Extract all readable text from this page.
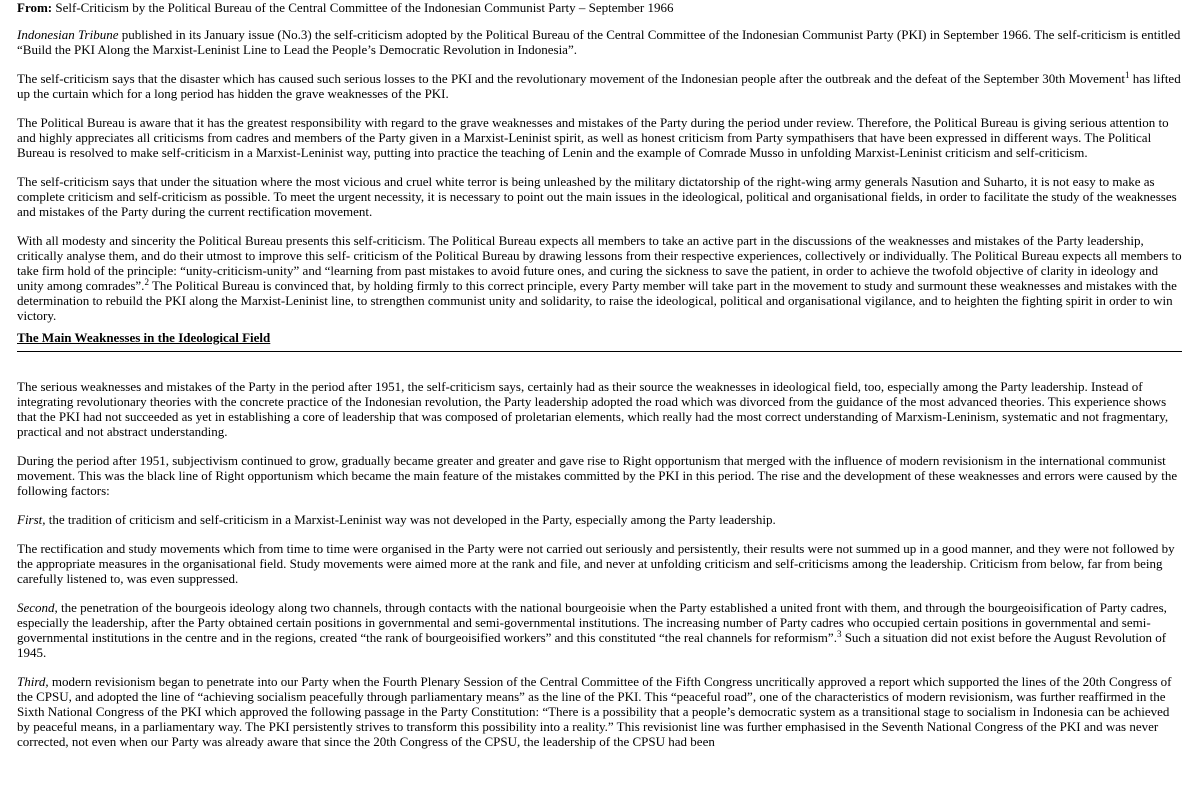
From: Self-Criticism by the Political Bureau of the Central Committee of the Indonesian Communist Party – September 1966

Indonesian Tribune published in its January issue (No.3) the self-criticism adopted by the Political Bureau of the Central Committee of the Indonesian Communist Party (PKI) in September 1966. The self-criticism is entitled “Build the PKI Along the Marxist-Leninist Line to Lead the People’s Democratic Revolution in Indonesia”.

The self-criticism says that the disaster which has caused such serious losses to the PKI and the revolutionary movement of the Indonesian people after the outbreak and the defeat of the September 30th Movement$^1$ has lifted up the curtain which for a long period has hidden the grave weaknesses of the PKI.

The Political Bureau is aware that it has the greatest responsibility with regard to the grave weaknesses and mistakes of the Party during the period under review. Therefore, the Political Bureau is giving serious attention to and highly appreciates all criticisms from cadres and members of the Party given in a Marxist-Leninist spirit, as well as honest criticism from Party sympathisers that have been expressed in different ways. The Political Bureau is resolved to make self-criticism in a Marxist-Leninist way, putting into practice the teaching of Lenin and the example of Comrade Musso in unfolding Marxist-Leninist criticism and self-criticism.

The self-criticism says that under the situation where the most vicious and cruel white terror is being unleashed by the military dictatorship of the right-wing army generals Nasution and Suharto, it is not easy to make as complete criticism and self-criticism as possible. To meet the urgent necessity, it is necessary to point out the main issues in the ideological, political and organisational fields, in order to facilitate the study of the weaknesses and mistakes of the Party during the current rectification movement.

With all modesty and sincerity the Political Bureau presents this self-criticism. The Political Bureau expects all members to take an active part in the discussions of the weaknesses and mistakes of the Party leadership, critically analyse them, and do their utmost to improve this self- criticism of the Political Bureau by drawing lessons from their respective experiences, collectively or individually. The Political Bureau expects all members to take firm hold of the principle: “unity-criticism-unity” and “learning from past mistakes to avoid future ones, and curing the sickness to save the patient, in order to achieve the twofold objective of clarity in ideology and unity among comrades”.$^2$ The Political Bureau is convinced that, by holding firmly to this correct principle, every Party member will take part in the movement to study and surmount these weaknesses and mistakes with the determination to rebuild the PKI along the Marxist-Leninist line, to strengthen communist unity and solidarity, to raise the ideological, political and organisational vigilance, and to heighten the fighting spirit in order to win victory.

The Main Weaknesses in the Ideological Field

The serious weaknesses and mistakes of the Party in the period after 1951, the self-criticism says, certainly had as their source the weaknesses in ideological field, too, especially among the Party leadership. Instead of integrating revolutionary theories with the concrete practice of the Indonesian revolution, the Party leadership adopted the road which was divorced from the guidance of the most advanced theories. This experience shows that the PKI had not succeeded as yet in establishing a core of leadership that was composed of proletarian elements, which really had the most correct understanding of Marxism-Leninism, systematic and not fragmentary, practical and not abstract understanding.

During the period after 1951, subjectivism continued to grow, gradually became greater and greater and gave rise to Right opportunism that merged with the influence of modern revisionism in the international communist movement. This was the black line of Right opportunism which became the main feature of the mistakes committed by the PKI in this period. The rise and the development of these weaknesses and errors were caused by the following factors:

First, the tradition of criticism and self-criticism in a Marxist-Leninist way was not developed in the Party, especially among the Party leadership.

The rectification and study movements which from time to time were organised in the Party were not carried out seriously and persistently, their results were not summed up in a good manner, and they were not followed by the appropriate measures in the organisational field. Study movements were aimed more at the rank and file, and never at unfolding criticism and self-criticisms among the leadership. Criticism from below, far from being carefully listened to, was even suppressed.

Second, the penetration of the bourgeois ideology along two channels, through contacts with the national bourgeoisie when the Party established a united front with them, and through the bourgeoisification of Party cadres, especially the leadership, after the Party obtained certain positions in governmental and semi-governmental institutions. The increasing number of Party cadres who occupied certain positions in governmental and semi-governmental institutions in the centre and in the regions, created “the rank of bourgeoisified workers” and this constituted “the real channels for reformism”.$^3$ Such a situation did not exist before the August Revolution of 1945.

Third, modern revisionism began to penetrate into our Party when the Fourth Plenary Session of the Central Committee of the Fifth Congress uncritically approved a report which supported the lines of the 20th Congress of the CPSU, and adopted the line of “achieving socialism peacefully through parliamentary means” as the line of the PKI. This “peaceful road”, one of the characteristics of modern revisionism, was further reaffirmed in the Sixth National Congress of the PKI which approved the following passage in the Party Constitution: “There is a possibility that a people’s democratic system as a transitional stage to socialism in Indonesia can be achieved by peaceful means, in a parliamentary way. The PKI persistently strives to transform this possibility into a reality.” This revisionist line was further emphasised in the Seventh National Congress of the PKI and was never corrected, not even when our Party was already aware that since the 20th Congress of the CPSU, the leadership of the CPSU had been
